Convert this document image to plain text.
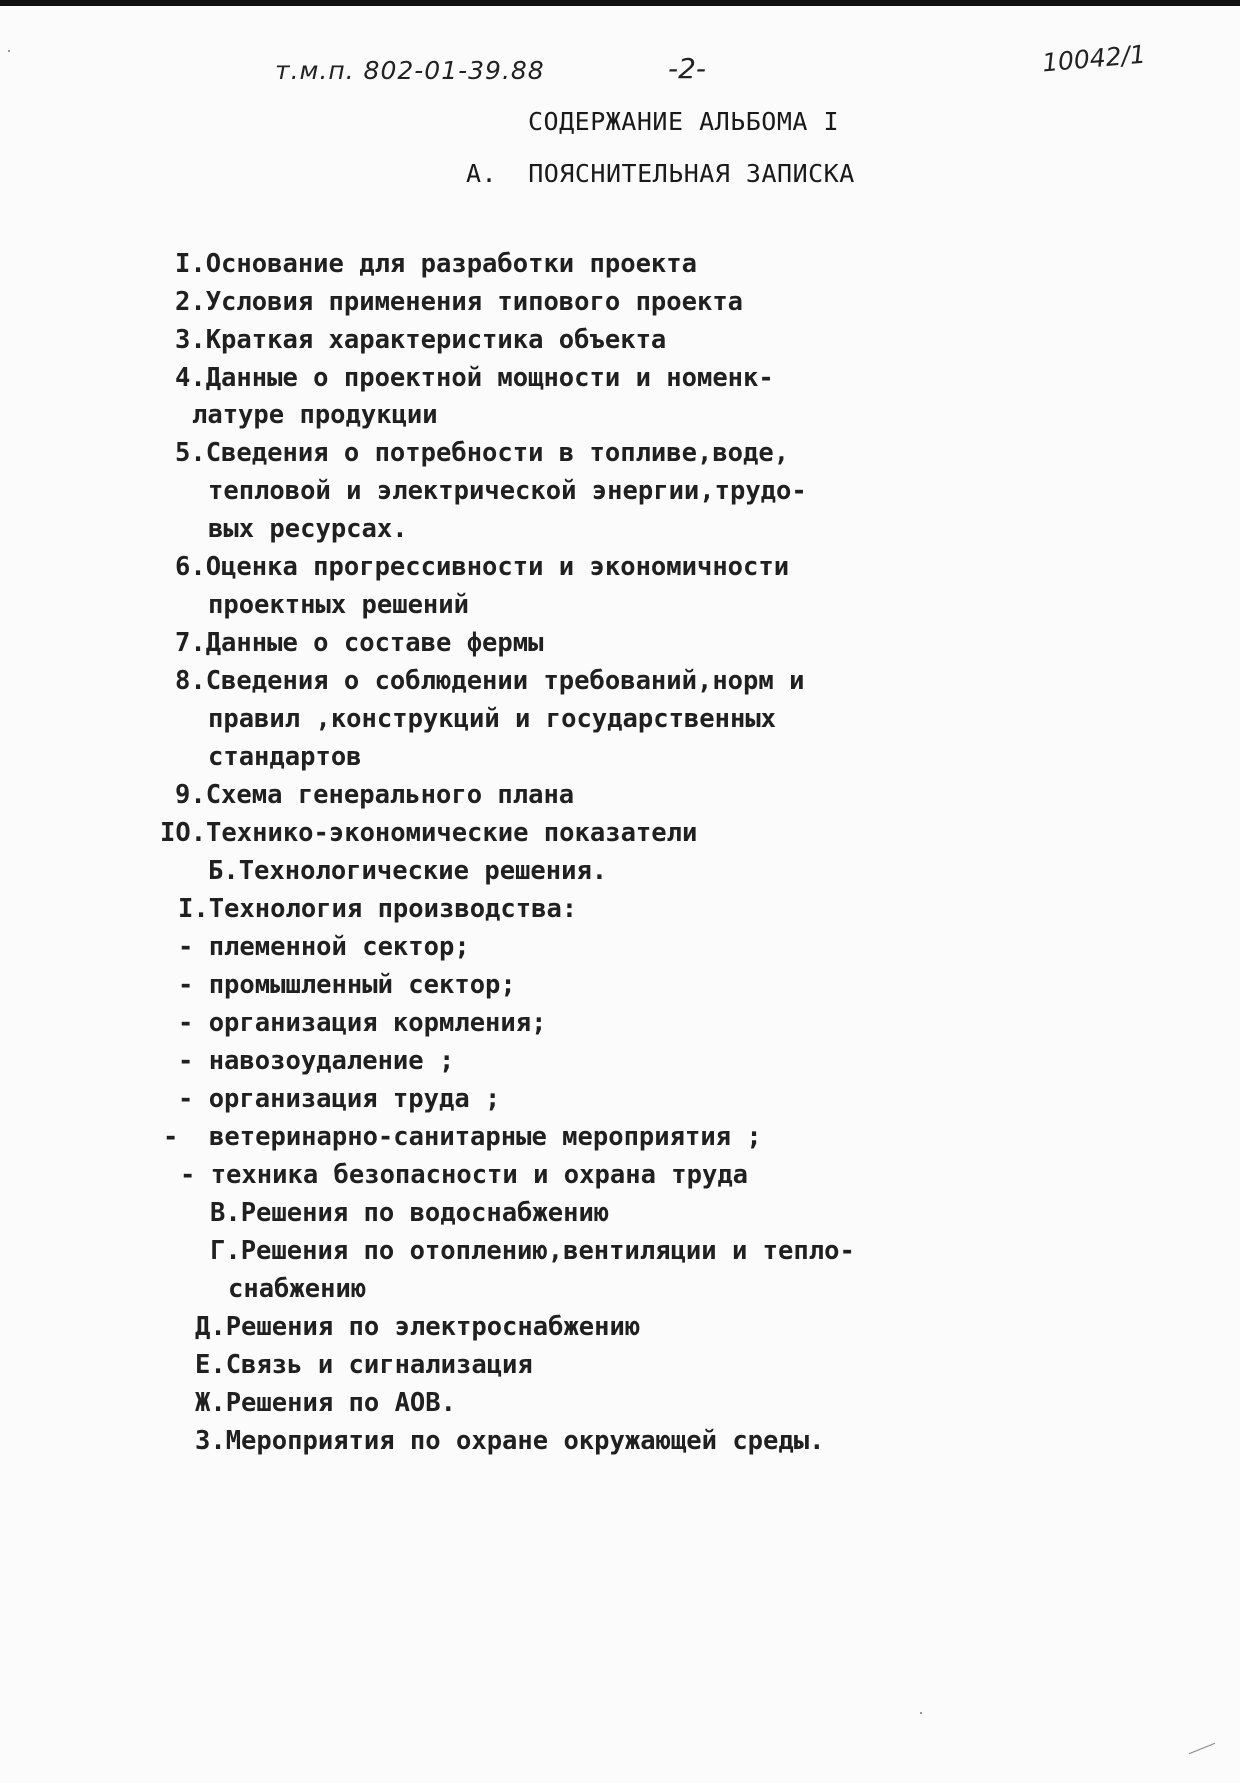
т.м.п. 802-01-39.88	-2-	10042/1
СОДЕРЖАНИЕ АЛЬБОМА I
А.  ПОЯСНИТЕЛЬНАЯ ЗАПИСКА
I.Основание для разработки проекта
2.Условия применения типового проекта
3.Краткая характеристика объекта
4.Данные о проектной мощности и номенк-
латуре продукции
5.Сведения о потребности в топливе,воде,
тепловой и электрической энергии,трудо-
вых ресурсах.
6.Оценка прогрессивности и экономичности
проектных решений
7.Данные о составе фермы
8.Сведения о соблюдении требований,норм и
правил ,конструкций и государственных
стандартов
9.Схема генерального плана
IO.Технико-экономические показатели
Б.Технологические решения.
I.Технология производства:
- племенной сектор;
- промышленный сектор;
- организация кормления;
- навозоудаление ;
- организация труда ;
-  ветеринарно-санитарные мероприятия ;
- техника безопасности и охрана труда
В.Решения по водоснабжению
Г.Решения по отоплению,вентиляции и тепло-
снабжению
Д.Решения по электроснабжению
Е.Связь и сигнализация
Ж.Решения по АОВ.
З.Мероприятия по охране окружающей среды.
